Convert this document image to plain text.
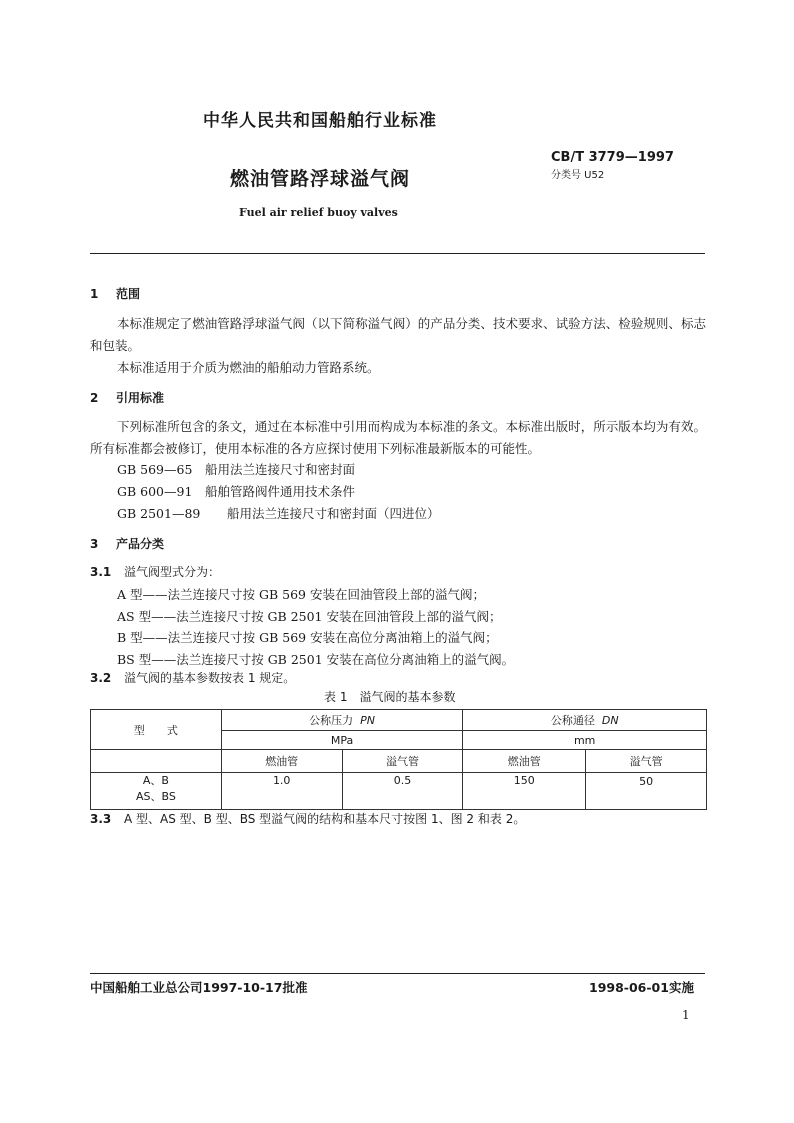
中华人民共和国船舶行业标准
CB/T 3779—1997
分类号 U52
燃油管路浮球溢气阀
Fuel air relief buoy valves
1 范围
本标准规定了燃油管路浮球溢气阀（以下简称溢气阀）的产品分类、技术要求、试验方法、检验规则、标志和包装。
本标准适用于介质为燃油的船舶动力管路系统。
2 引用标准
下列标准所包含的条文，通过在本标准中引用而构成为本标准的条文。本标准出版时，所示版本均为有效。所有标准都会被修订，使用本标准的各方应探讨使用下列标准最新版本的可能性。
GB 569—65 船用法兰连接尺寸和密封面
GB 600—91 船舶管路阀件通用技术条件
GB 2501—89 船用法兰连接尺寸和密封面（四进位）
3 产品分类
3.1 溢气阀型式分为：
A 型——法兰连接尺寸按 GB 569 安装在回油管段上部的溢气阀；
AS 型——法兰连接尺寸按 GB 2501 安装在回油管段上部的溢气阀；
B 型——法兰连接尺寸按 GB 569 安装在高位分离油箱上的溢气阀；
BS 型——法兰连接尺寸按 GB 2501 安装在高位分离油箱上的溢气阀。
3.2 溢气阀的基本参数按表 1 规定。
表 1　溢气阀的基本参数
型　　式	公称压力 PN		公称通径 DN	
	MPa		mm	
	燃油管	溢气管	燃油管	溢气管

A、B
AS、BS	1.0	0.5	150	50
3.3 A 型、AS 型、B 型、BS 型溢气阀的结构和基本尺寸按图 1、图 2 和表 2。
中国船舶工业总公司1997-10-17批准	1998-06-01实施
1
